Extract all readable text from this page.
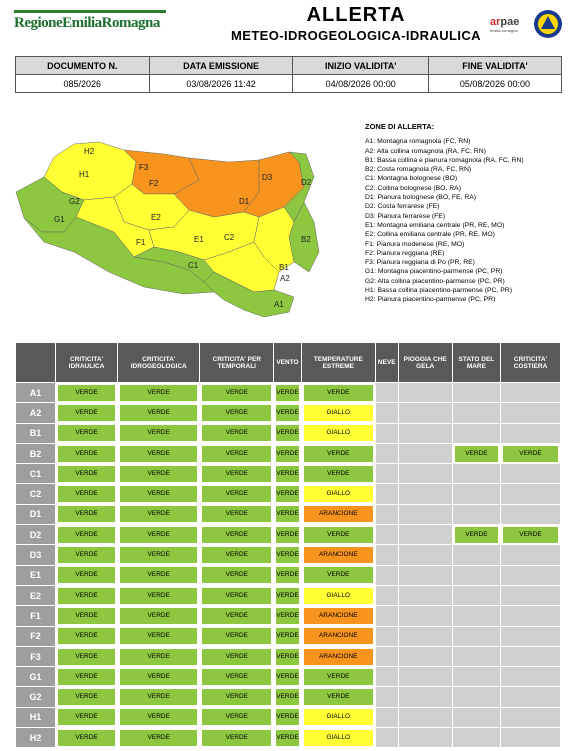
RegioneEmiliaRomagna	ALLERTA
METEO-IDROGEOLOGICA-IDRAULICA
arpae
emilia-romagna
DOCUMENTO N.	DATA EMISSIONE	INIZIO VALIDITA'	FINE VALIDITA'
085/2026	03/08/2026 11:42	04/08/2026 00:00	05/08/2026 00:00
H2
H1
G2
G1
F3
F2
F1
E2
E1
D2
D3
D1
C2
C1
B2
B1
A2
A1
ZONE DI ALLERTA:
A1: Montagna romagnola (FC, RN)
A2: Alta collina romagnola (RA, FC, RN)
B1: Bassa collina e pianura romagnola (RA, FC, RN)
B2: Costa romagnola (RA, FC, RN)
C1: Montagna bolognese (BO)
C2: Collina bolognese (BO, RA)
D1: Pianura bolognese (BO, FE, RA)
D2: Costa ferrarese (FE)
D3: Pianura ferrarese (FE)
E1: Montagna emiliana centrale (PR, RE, MO)
E2: Collina emiliana centrale (PR, RE, MO)
F1: Pianura modenese (RE, MO)
F2: Pianura reggiana (RE)
F3: Pianura reggiana di Po (PR, RE)
G1: Montagna piacentino-parmense (PC, PR)
G2: Alta collina piacentino-parmense (PC, PR)
H1: Bassa collina piacentino-parmense (PC, PR)
H2: Pianura piacentino-parmense (PC, PR)
	CRITICITA' IDRAULICA	CRITICITA' IDROGEOLOGICA	CRITICITA' PER TEMPORALI	VENTO	TEMPERATURE ESTREME	NEVE	PIOGGIA CHE GELA	STATO DEL MARE	CRITICITA' COSTIERA
A1	VERDE	VERDE	VERDE	VERDE	VERDE				

A2	VERDE	VERDE	VERDE	VERDE	GIALLO				

B1	VERDE	VERDE	VERDE	VERDE	GIALLO				

B2	VERDE	VERDE	VERDE	VERDE	VERDE			VERDE	VERDE

C1	VERDE	VERDE	VERDE	VERDE	VERDE				

C2	VERDE	VERDE	VERDE	VERDE	GIALLO				

D1	VERDE	VERDE	VERDE	VERDE	ARANCIONE				

D2	VERDE	VERDE	VERDE	VERDE	VERDE			VERDE	VERDE

D3	VERDE	VERDE	VERDE	VERDE	ARANCIONE				

E1	VERDE	VERDE	VERDE	VERDE	VERDE				

E2	VERDE	VERDE	VERDE	VERDE	GIALLO				

F1	VERDE	VERDE	VERDE	VERDE	ARANCIONE				

F2	VERDE	VERDE	VERDE	VERDE	ARANCIONE				

F3	VERDE	VERDE	VERDE	VERDE	ARANCIONE				

G1	VERDE	VERDE	VERDE	VERDE	VERDE				

G2	VERDE	VERDE	VERDE	VERDE	VERDE				

H1	VERDE	VERDE	VERDE	VERDE	GIALLO				

H2	VERDE	VERDE	VERDE	VERDE	GIALLO				
